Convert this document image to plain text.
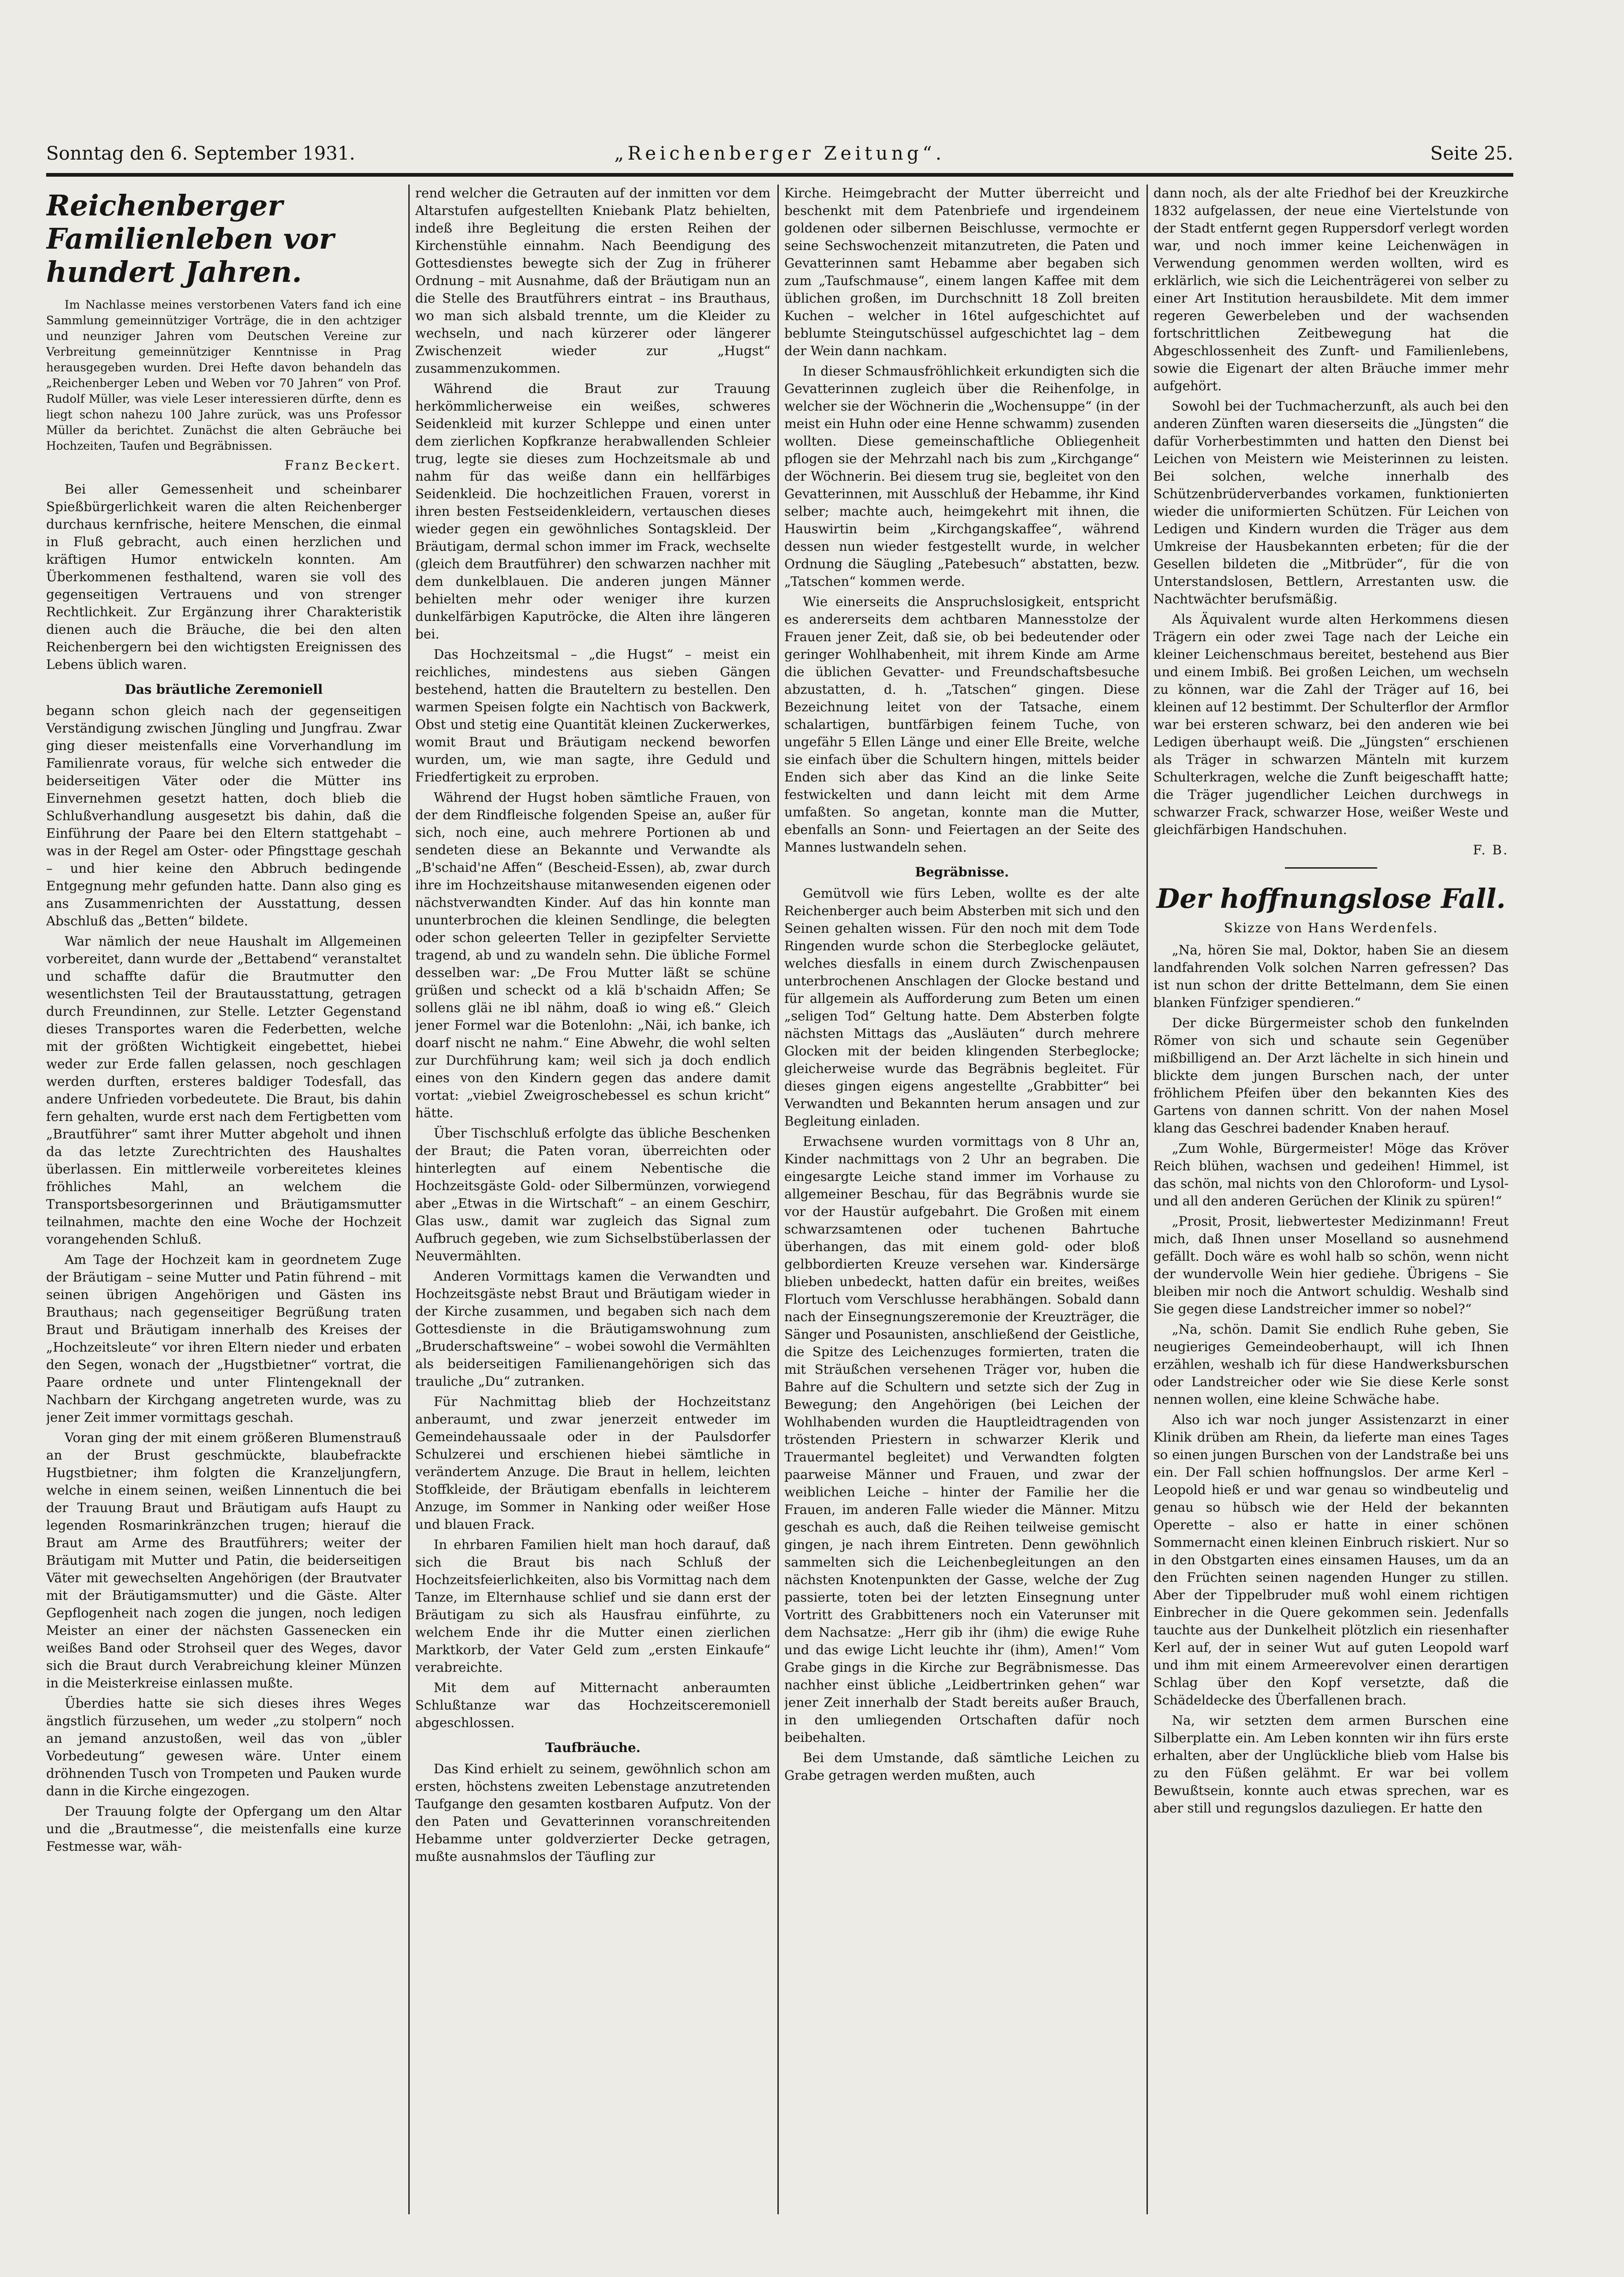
Sonntag den 6. September 1931.	„Reichenberger Zeitung“.	Seite 25.
Reichenberger Familienleben vor hundert Jahren.

Im Nachlasse meines verstorbenen Vaters fand ich eine Sammlung gemeinnütziger Vorträge, die in den achtziger und neunziger Jahren vom Deutschen Vereine zur Verbreitung gemeinnütziger Kenntnisse in Prag herausgegeben wurden. Drei Hefte davon behandeln das „Reichenberger Leben und Weben vor 70 Jahren“ von Prof. Rudolf Müller, was viele Leser interessieren dürfte, denn es liegt schon nahezu 100 Jahre zurück, was uns Professor Müller da berichtet. Zunächst die alten Gebräuche bei Hochzeiten, Taufen und Begräbnissen.

Franz Beckert.

Bei aller Gemessenheit und scheinbarer Spießbürgerlichkeit waren die alten Reichenberger durchaus kernfrische, heitere Menschen, die einmal in Fluß gebracht, auch einen herzlichen und kräftigen Humor entwickeln konnten. Am Überkommenen festhaltend, waren sie voll des gegenseitigen Vertrauens und von strenger Rechtlichkeit. Zur Ergänzung ihrer Charakteristik dienen auch die Bräuche, die bei den alten Reichenbergern bei den wichtigsten Ereignissen des Lebens üblich waren.

Das bräutliche Zeremoniell

begann schon gleich nach der gegenseitigen Verständigung zwischen Jüngling und Jungfrau. Zwar ging dieser meistenfalls eine Vorverhandlung im Familienrate voraus, für welche sich entweder die beiderseitigen Väter oder die Mütter ins Einvernehmen gesetzt hatten, doch blieb die Schlußverhandlung ausgesetzt bis dahin, daß die Einführung der Paare bei den Eltern stattgehabt – was in der Regel am Oster- oder Pfingsttage geschah – und hier keine den Abbruch bedingende Entgegnung mehr gefunden hatte. Dann also ging es ans Zusammenrichten der Ausstattung, dessen Abschluß das „Betten“ bildete.

War nämlich der neue Haushalt im Allgemeinen vorbereitet, dann wurde der „Bettabend“ veranstaltet und schaffte dafür die Brautmutter den wesentlichsten Teil der Brautausstattung, getragen durch Freundinnen, zur Stelle. Letzter Gegenstand dieses Transportes waren die Federbetten, welche mit der größten Wichtigkeit eingebettet, hiebei weder zur Erde fallen gelassen, noch geschlagen werden durften, ersteres baldiger Todesfall, das andere Unfrieden vorbedeutete. Die Braut, bis dahin fern gehalten, wurde erst nach dem Fertigbetten vom „Brautführer“ samt ihrer Mutter abgeholt und ihnen da das letzte Zurechtrichten des Haushaltes überlassen. Ein mittlerweile vorbereitetes kleines fröhliches Mahl, an welchem die Transportsbesorgerinnen und Bräutigamsmutter teilnahmen, machte den eine Woche der Hochzeit vorangehenden Schluß.

Am Tage der Hochzeit kam in geordnetem Zuge der Bräutigam – seine Mutter und Patin führend – mit seinen übrigen Angehörigen und Gästen ins Brauthaus; nach gegenseitiger Begrüßung traten Braut und Bräutigam innerhalb des Kreises der „Hochzeitsleute“ vor ihren Eltern nieder und erbaten den Segen, wonach der „Hugstbietner“ vortrat, die Paare ordnete und unter Flintengeknall der Nachbarn der Kirchgang angetreten wurde, was zu jener Zeit immer vormittags geschah.

Voran ging der mit einem größeren Blumenstrauß an der Brust geschmückte, blaubefrackte Hugstbietner; ihm folgten die Kranzeljungfern, welche in einem seinen, weißen Linnentuch die bei der Trauung Braut und Bräutigam aufs Haupt zu legenden Rosmarinkränzchen trugen; hierauf die Braut am Arme des Brautführers; weiter der Bräutigam mit Mutter und Patin, die beiderseitigen Väter mit gewechselten Angehörigen (der Brautvater mit der Bräutigamsmutter) und die Gäste. Alter Gepflogenheit nach zogen die jungen, noch ledigen Meister an einer der nächsten Gassenecken ein weißes Band oder Strohseil quer des Weges, davor sich die Braut durch Verabreichung kleiner Münzen in die Meisterkreise einlassen mußte.

Überdies hatte sie sich dieses ihres Weges ängstlich fürzusehen, um weder „zu stolpern“ noch an jemand anzustoßen, weil das von „übler Vorbedeutung“ gewesen wäre. Unter einem dröhnenden Tusch von Trompeten und Pauken wurde dann in die Kirche eingezogen.

Der Trauung folgte der Opfergang um den Altar und die „Brautmesse“, die meistenfalls eine kurze Festmesse war, wäh-

rend welcher die Getrauten auf der inmitten vor dem Altarstufen aufgestellten Kniebank Platz behielten, indeß ihre Begleitung die ersten Reihen der Kirchenstühle einnahm. Nach Beendigung des Gottesdienstes bewegte sich der Zug in früherer Ordnung – mit Ausnahme, daß der Bräutigam nun an die Stelle des Brautführers eintrat – ins Brauthaus, wo man sich alsbald trennte, um die Kleider zu wechseln, und nach kürzerer oder längerer Zwischenzeit wieder zur „Hugst“ zusammenzukommen.

Während die Braut zur Trauung herkömmlicherweise ein weißes, schweres Seidenkleid mit kurzer Schleppe und einen unter dem zierlichen Kopfkranze herabwallenden Schleier trug, legte sie dieses zum Hochzeitsmale ab und nahm für das weiße dann ein hellfärbiges Seidenkleid. Die hochzeitlichen Frauen, vorerst in ihren besten Festseidenkleidern, vertauschen dieses wieder gegen ein gewöhnliches Sontagskleid. Der Bräutigam, dermal schon immer im Frack, wechselte (gleich dem Brautführer) den schwarzen nachher mit dem dunkelblauen. Die anderen jungen Männer behielten mehr oder weniger ihre kurzen dunkelfärbigen Kaputröcke, die Alten ihre längeren bei.

Das Hochzeitsmal – „die Hugst“ – meist ein reichliches, mindestens aus sieben Gängen bestehend, hatten die Brauteltern zu bestellen. Den warmen Speisen folgte ein Nachtisch von Backwerk, Obst und stetig eine Quantität kleinen Zuckerwerkes, womit Braut und Bräutigam neckend beworfen wurden, um, wie man sagte, ihre Geduld und Friedfertigkeit zu erproben.

Während der Hugst hoben sämtliche Frauen, von der dem Rindfleische folgenden Speise an, außer für sich, noch eine, auch mehrere Portionen ab und sendeten diese an Bekannte und Verwandte als „B'schaid'ne Affen“ (Bescheid-Essen), ab, zwar durch ihre im Hochzeitshause mitanwesenden eigenen oder nächstverwandten Kinder. Auf das hin konnte man ununterbrochen die kleinen Sendlinge, die belegten oder schon geleerten Teller in gezipfelter Serviette tragend, ab und zu wandeln sehn. Die übliche Formel desselben war: „De Frou Mutter läßt se schüne grüßen und scheckt od a klä b'schaidn Affen; Se sollens gläi ne ibl nähm, doaß io wing eß.“ Gleich jener Formel war die Botenlohn: „Näi, ich banke, ich doarf nischt ne nahm.“ Eine Abwehr, die wohl selten zur Durchführung kam; weil sich ja doch endlich eines von den Kindern gegen das andere damit vortat: „viebiel Zweigroschebessel es schun kricht“ hätte.

Über Tischschluß erfolgte das übliche Beschenken der Braut; die Paten voran, überreichten oder hinterlegten auf einem Nebentische die Hochzeitsgäste Gold- oder Silbermünzen, vorwiegend aber „Etwas in die Wirtschaft“ – an einem Geschirr, Glas usw., damit war zugleich das Signal zum Aufbruch gegeben, wie zum Sichselbstüberlassen der Neuvermählten.

Anderen Vormittags kamen die Verwandten und Hochzeitsgäste nebst Braut und Bräutigam wieder in der Kirche zusammen, und begaben sich nach dem Gottesdienste in die Bräutigamswohnung zum „Bruderschaftsweine“ – wobei sowohl die Vermählten als beiderseitigen Familienangehörigen sich das trauliche „Du“ zutranken.

Für Nachmittag blieb der Hochzeitstanz anberaumt, und zwar jenerzeit entweder im Gemeindehaussaale oder in der Paulsdorfer Schulzerei und erschienen hiebei sämtliche in verändertem Anzuge. Die Braut in hellem, leichten Stoffkleide, der Bräutigam ebenfalls in leichterem Anzuge, im Sommer in Nanking oder weißer Hose und blauen Frack.

In ehrbaren Familien hielt man hoch darauf, daß sich die Braut bis nach Schluß der Hochzeitsfeierlichkeiten, also bis Vormittag nach dem Tanze, im Elternhause schlief und sie dann erst der Bräutigam zu sich als Hausfrau einführte, zu welchem Ende ihr die Mutter einen zierlichen Marktkorb, der Vater Geld zum „ersten Einkaufe“ verabreichte.

Mit dem auf Mitternacht anberaumten Schlußtanze war das Hochzeitsceremoniell abgeschlossen.

Taufbräuche.

Das Kind erhielt zu seinem, gewöhnlich schon am ersten, höchstens zweiten Lebenstage anzutretenden Taufgange den gesamten kostbaren Aufputz. Von der den Paten und Gevatterinnen voranschreitenden Hebamme unter goldverzierter Decke getragen, mußte ausnahmslos der Täufling zur

Kirche. Heimgebracht der Mutter überreicht und beschenkt mit dem Patenbriefe und irgendeinem goldenen oder silbernen Beischlusse, vermochte er seine Sechswochenzeit mitanzutreten, die Paten und Gevatterinnen samt Hebamme aber begaben sich zum „Taufschmause“, einem langen Kaffee mit dem üblichen großen, im Durchschnitt 18 Zoll breiten Kuchen – welcher in 16tel aufgeschichtet auf beblumte Steingutschüssel aufgeschichtet lag – dem der Wein dann nachkam.

In dieser Schmausfröhlichkeit erkundigten sich die Gevatterinnen zugleich über die Reihenfolge, in welcher sie der Wöchnerin die „Wochensuppe“ (in der meist ein Huhn oder eine Henne schwamm) zusenden wollten. Diese gemeinschaftliche Obliegenheit pflogen sie der Mehrzahl nach bis zum „Kirchgange“ der Wöchnerin. Bei diesem trug sie, begleitet von den Gevatterinnen, mit Ausschluß der Hebamme, ihr Kind selber; machte auch, heimgekehrt mit ihnen, die Hauswirtin beim „Kirchgangskaffee“, während dessen nun wieder festgestellt wurde, in welcher Ordnung die Säugling „Patebesuch“ abstatten, bezw. „Tatschen“ kommen werde.

Wie einerseits die Anspruchslosigkeit, entspricht es andererseits dem achtbaren Mannesstolze der Frauen jener Zeit, daß sie, ob bei bedeutender oder geringer Wohlhabenheit, mit ihrem Kinde am Arme die üblichen Gevatter- und Freundschaftsbesuche abzustatten, d. h. „Tatschen“ gingen. Diese Bezeichnung leitet von der Tatsache, einem schalartigen, buntfärbigen feinem Tuche, von ungefähr 5 Ellen Länge und einer Elle Breite, welche sie einfach über die Schultern hingen, mittels beider Enden sich aber das Kind an die linke Seite festwickelten und dann leicht mit dem Arme umfaßten. So angetan, konnte man die Mutter, ebenfalls an Sonn- und Feiertagen an der Seite des Mannes lustwandeln sehen.

Begräbnisse.

Gemütvoll wie fürs Leben, wollte es der alte Reichenberger auch beim Absterben mit sich und den Seinen gehalten wissen. Für den noch mit dem Tode Ringenden wurde schon die Sterbeglocke geläutet, welches diesfalls in einem durch Zwischenpausen unterbrochenen Anschlagen der Glocke bestand und für allgemein als Aufforderung zum Beten um einen „seligen Tod“ Geltung hatte. Dem Absterben folgte nächsten Mittags das „Ausläuten“ durch mehrere Glocken mit der beiden klingenden Sterbeglocke; gleicherweise wurde das Begräbnis begleitet. Für dieses gingen eigens angestellte „Grabbitter“ bei Verwandten und Bekannten herum ansagen und zur Begleitung einladen.

Erwachsene wurden vormittags von 8 Uhr an, Kinder nachmittags von 2 Uhr an begraben. Die eingesargte Leiche stand immer im Vorhause zu allgemeiner Beschau, für das Begräbnis wurde sie vor der Haustür aufgebahrt. Die Großen mit einem schwarzsamtenen oder tuchenen Bahrtuche überhangen, das mit einem gold- oder bloß gelbbordierten Kreuze versehen war. Kindersärge blieben unbedeckt, hatten dafür ein breites, weißes Flortuch vom Verschlusse herabhängen. Sobald dann nach der Einsegnungszeremonie der Kreuzträger, die Sänger und Posaunisten, anschließend der Geistliche, die Spitze des Leichenzuges formierten, traten die mit Sträußchen versehenen Träger vor, huben die Bahre auf die Schultern und setzte sich der Zug in Bewegung; den Angehörigen (bei Leichen der Wohlhabenden wurden die Hauptleidtragenden von tröstenden Priestern in schwarzer Klerik und Trauermantel begleitet) und Verwandten folgten paarweise Männer und Frauen, und zwar der weiblichen Leiche – hinter der Familie her die Frauen, im anderen Falle wieder die Männer. Mitzu geschah es auch, daß die Reihen teilweise gemischt gingen, je nach ihrem Eintreten. Denn gewöhnlich sammelten sich die Leichenbegleitungen an den nächsten Knotenpunkten der Gasse, welche der Zug passierte, toten bei der letzten Einsegnung unter Vortritt des Grabbitteners noch ein Vaterunser mit dem Nachsatze: „Herr gib ihr (ihm) die ewige Ruhe und das ewige Licht leuchte ihr (ihm), Amen!“ Vom Grabe gings in die Kirche zur Begräbnismesse. Das nachher einst übliche „Leidbertrinken gehen“ war jener Zeit innerhalb der Stadt bereits außer Brauch, in den umliegenden Ortschaften dafür noch beibehalten.

Bei dem Umstande, daß sämtliche Leichen zu Grabe getragen werden mußten, auch

dann noch, als der alte Friedhof bei der Kreuzkirche 1832 aufgelassen, der neue eine Viertelstunde von der Stadt entfernt gegen Ruppersdorf verlegt worden war, und noch immer keine Leichenwägen in Verwendung genommen werden wollten, wird es erklärlich, wie sich die Leichenträgerei von selber zu einer Art Institution herausbildete. Mit dem immer regeren Gewerbeleben und der wachsenden fortschrittlichen Zeitbewegung hat die Abgeschlossenheit des Zunft- und Familienlebens, sowie die Eigenart der alten Bräuche immer mehr aufgehört.

Sowohl bei der Tuchmacherzunft, als auch bei den anderen Zünften waren dieserseits die „Jüngsten“ die dafür Vorherbestimmten und hatten den Dienst bei Leichen von Meistern wie Meisterinnen zu leisten. Bei solchen, welche innerhalb des Schützenbrüderverbandes vorkamen, funktionierten wieder die uniformierten Schützen. Für Leichen von Ledigen und Kindern wurden die Träger aus dem Umkreise der Hausbekannten erbeten; für die der Gesellen bildeten die „Mitbrüder“, für die von Unterstandslosen, Bettlern, Arrestanten usw. die Nachtwächter berufsmäßig.

Als Äquivalent wurde alten Herkommens diesen Trägern ein oder zwei Tage nach der Leiche ein kleiner Leichenschmaus bereitet, bestehend aus Bier und einem Imbiß. Bei großen Leichen, um wechseln zu können, war die Zahl der Träger auf 16, bei kleinen auf 12 bestimmt. Der Schulterflor der Armflor war bei ersteren schwarz, bei den anderen wie bei Ledigen überhaupt weiß. Die „Jüngsten“ erschienen als Träger in schwarzen Mänteln mit kurzem Schulterkragen, welche die Zunft beigeschafft hatte; die Träger jugendlicher Leichen durchwegs in schwarzer Frack, schwarzer Hose, weißer Weste und gleichfärbigen Handschuhen.

F. B.
Der hoffnungslose Fall.
Skizze von Hans Werdenfels.

„Na, hören Sie mal, Doktor, haben Sie an diesem landfahrenden Volk solchen Narren gefressen? Das ist nun schon der dritte Bettelmann, dem Sie einen blanken Fünfziger spendieren.“

Der dicke Bürgermeister schob den funkelnden Römer von sich und schaute sein Gegenüber mißbilligend an. Der Arzt lächelte in sich hinein und blickte dem jungen Burschen nach, der unter fröhlichem Pfeifen über den bekannten Kies des Gartens von dannen schritt. Von der nahen Mosel klang das Geschrei badender Knaben herauf.

„Zum Wohle, Bürgermeister! Möge das Kröver Reich blühen, wachsen und gedeihen! Himmel, ist das schön, mal nichts von den Chloroform- und Lysol-und all den anderen Gerüchen der Klinik zu spüren!“

„Prosit, Prosit, liebwertester Medizinmann! Freut mich, daß Ihnen unser Moselland so ausnehmend gefällt. Doch wäre es wohl halb so schön, wenn nicht der wundervolle Wein hier gediehe. Übrigens – Sie bleiben mir noch die Antwort schuldig. Weshalb sind Sie gegen diese Landstreicher immer so nobel?“

„Na, schön. Damit Sie endlich Ruhe geben, Sie neugieriges Gemeindeoberhaupt, will ich Ihnen erzählen, weshalb ich für diese Handwerksburschen oder Landstreicher oder wie Sie diese Kerle sonst nennen wollen, eine kleine Schwäche habe.

Also ich war noch junger Assistenzarzt in einer Klinik drüben am Rhein, da lieferte man eines Tages so einen jungen Burschen von der Landstraße bei uns ein. Der Fall schien hoffnungslos. Der arme Kerl – Leopold hieß er und war genau so windbeutelig und genau so hübsch wie der Held der bekannten Operette – also er hatte in einer schönen Sommernacht einen kleinen Einbruch riskiert. Nur so in den Obstgarten eines einsamen Hauses, um da an den Früchten seinen nagenden Hunger zu stillen. Aber der Tippelbruder muß wohl einem richtigen Einbrecher in die Quere gekommen sein. Jedenfalls tauchte aus der Dunkelheit plötzlich ein riesenhafter Kerl auf, der in seiner Wut auf guten Leopold warf und ihm mit einem Armeerevolver einen derartigen Schlag über den Kopf versetzte, daß die Schädeldecke des Überfallenen brach.

Na, wir setzten dem armen Burschen eine Silberplatte ein. Am Leben konnten wir ihn fürs erste erhalten, aber der Unglückliche blieb vom Halse bis zu den Füßen gelähmt. Er war bei vollem Bewußtsein, konnte auch etwas sprechen, war es aber still und regungslos dazuliegen. Er hatte den
